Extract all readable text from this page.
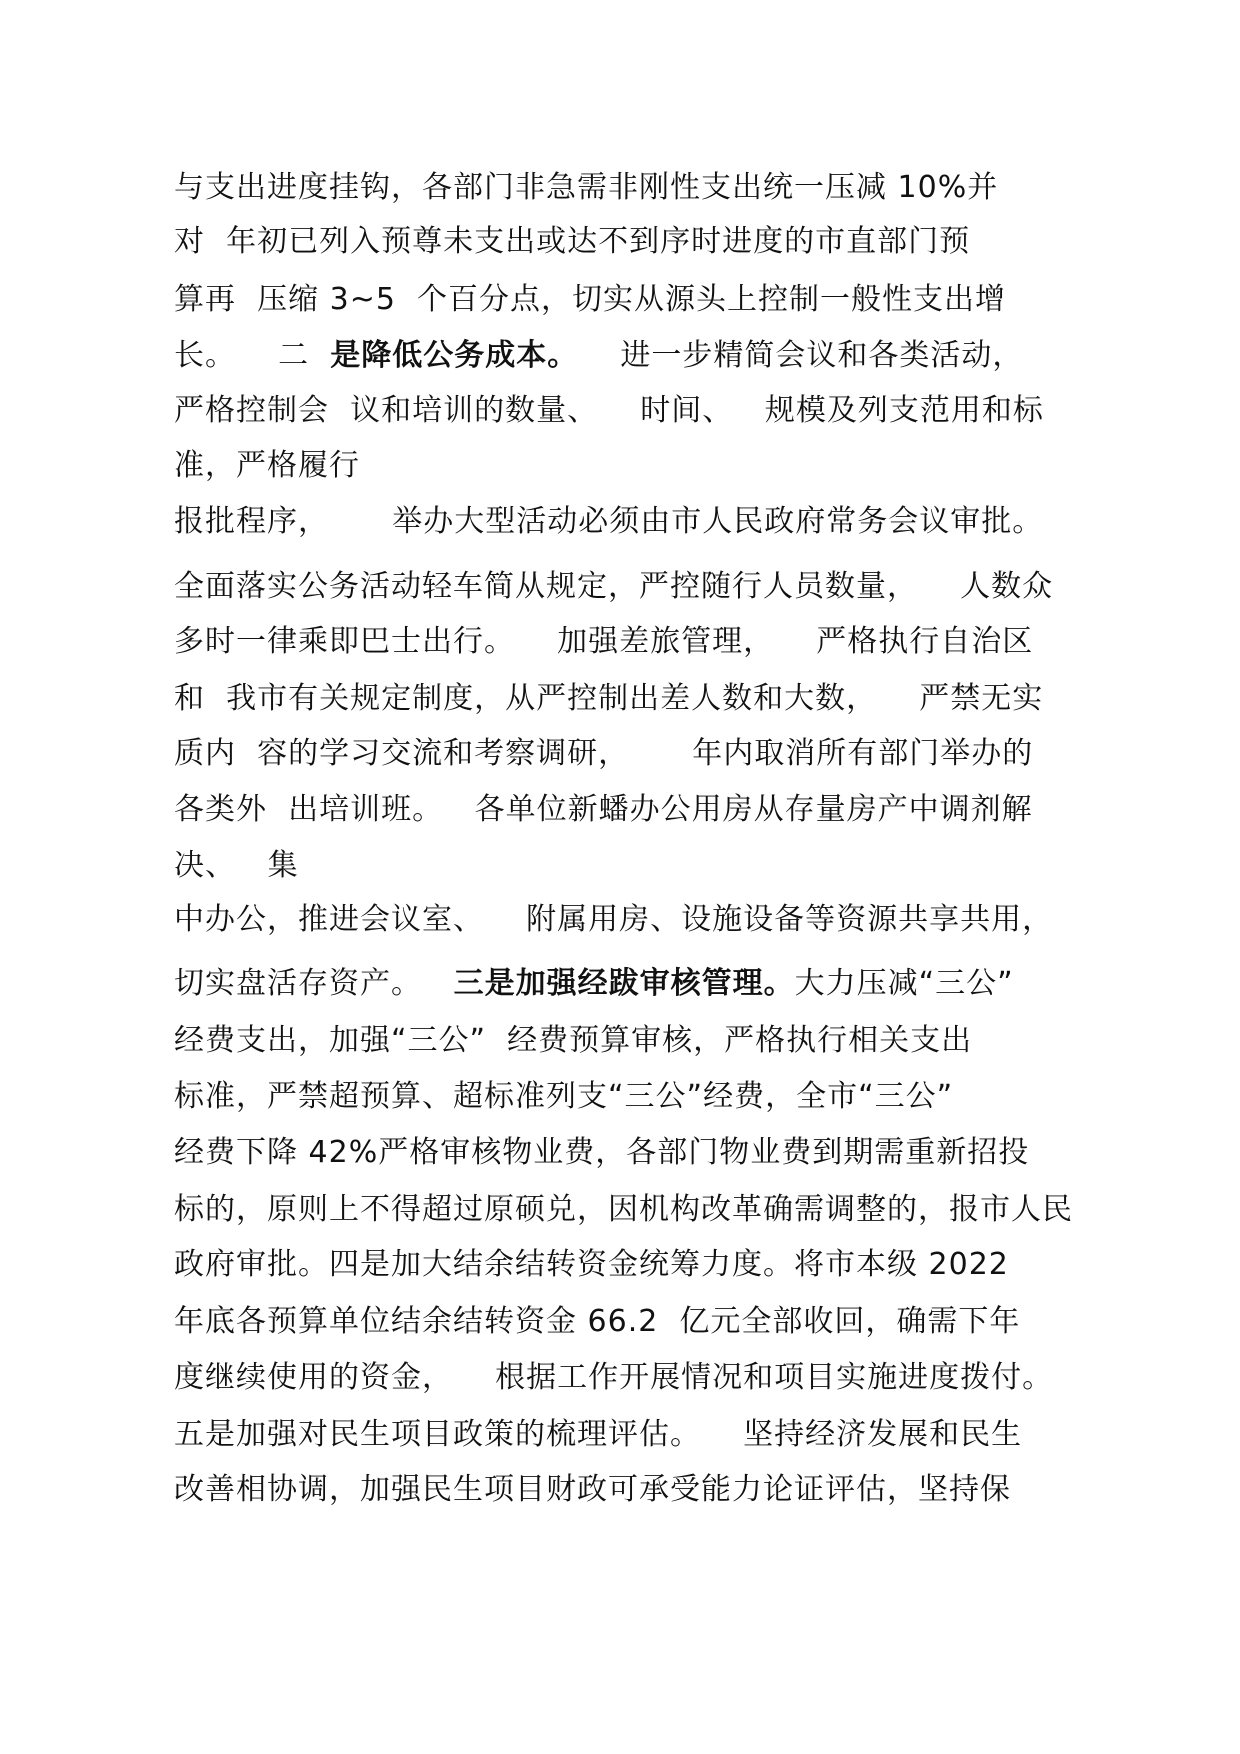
与支出进度挂钩，各部门非急需非刚性支出统一压减 10%并
对  年初已列入预尊未支出或达不到序时进度的市直部门预
算再  压缩 3~5  个百分点，切实从源头上控制一般性支出增
长。    二  是降低公务成本。    进一步精简会议和各类活动，
严格控制会  议和培训的数量、    时间、   规模及列支范用和标
准，严格履行
报批程序，      举办大型活动必须由市人民政府常务会议审批。
全面落实公务活动轻车简从规定，严控随行人员数量，    人数众
多时一律乘即巴士出行。    加强差旅管理，    严格执行自治区
和  我市有关规定制度，从严控制出差人数和大数，    严禁无实
质内  容的学习交流和考察调研，      年内取消所有部门举办的
各类外  出培训班。   各单位新蟠办公用房从存量房产中调剂解
决、   集
中办公，推进会议室、    附属用房、设施设备等资源共享共用，
切实盘活存资产。   三是加强经跋审核管理。大力压减“三公”
经费支出，加强“三公”  经费预算审核，严格执行相关支出
标准，严禁超预算、超标准列支“三公”经费，全市“三公”
经费下降 42%严格审核物业费，各部门物业费到期需重新招投
标的，原则上不得超过原硕兑，因机构改革确需调整的，报市人民
政府审批。四是加大结余结转资金统筹力度。将市本级 2022
年底各预算单位结余结转资金 66.2  亿元全部收回，确需下年
度继续使用的资金，    根据工作开展情况和项目实施进度拨付。
五是加强对民生项目政策的梳理评估。    坚持经济发展和民生
改善相协调，加强民生项目财政可承受能力论证评估，坚持保
